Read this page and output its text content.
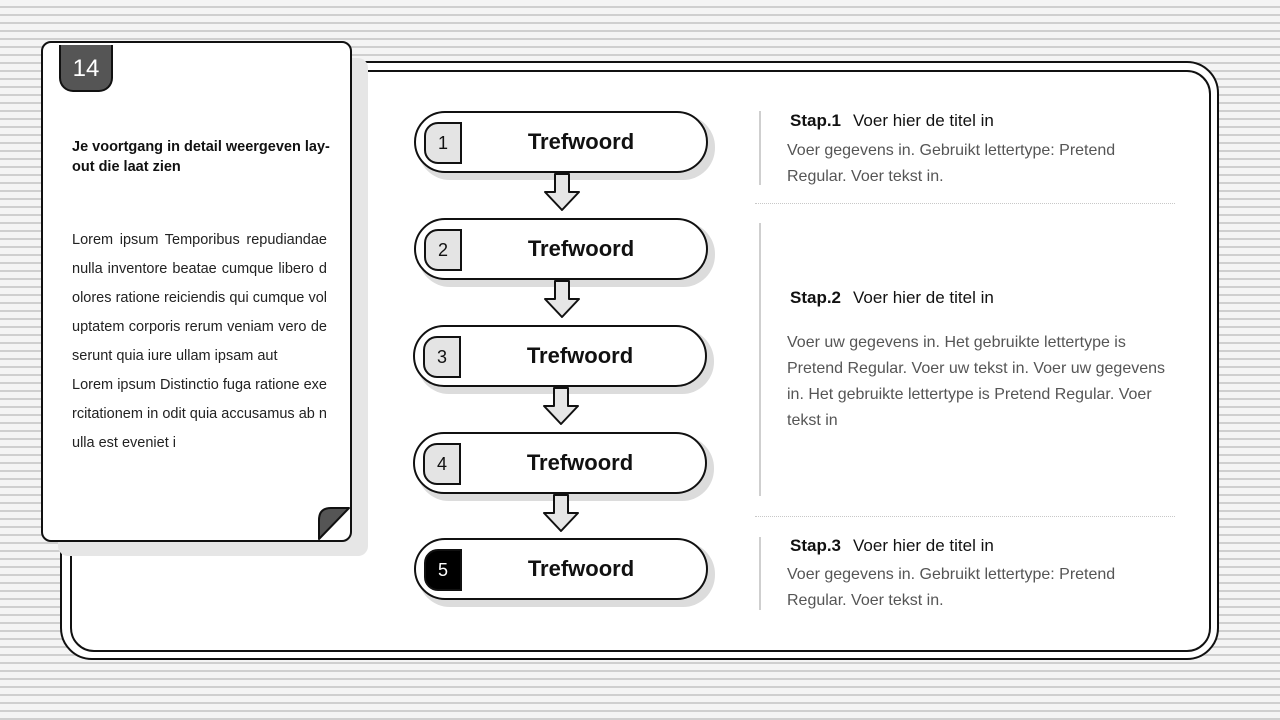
14
Je voortgang in detail weergeven lay-out die laat zien

Lorem ipsum Temporibus repudiandae nulla inventore beatae cumque libero dolores ratione reiciendis qui cumque voluptatem corporis rerum veniam vero deserunt quia iure ullam ipsam aut

Lorem ipsum Distinctio fuga ratione exercitationem in odit quia accusamus ab nulla est eveniet i

1	Trefwoord
2	Trefwoord
3	Trefwoord
4	Trefwoord
5	Trefwoord
Stap.1 Voer hier de titel in
Voer gegevens in. Gebruikt lettertype: Pretend Regular. Voer tekst in.
Stap.2 Voer hier de titel in
Voer uw gegevens in. Het gebruikte lettertype is Pretend Regular. Voer uw tekst in. Voer uw gegevens in. Het gebruikte lettertype is Pretend Regular. Voer tekst in
Stap.3 Voer hier de titel in
Voer gegevens in. Gebruikt lettertype: Pretend Regular. Voer tekst in.
